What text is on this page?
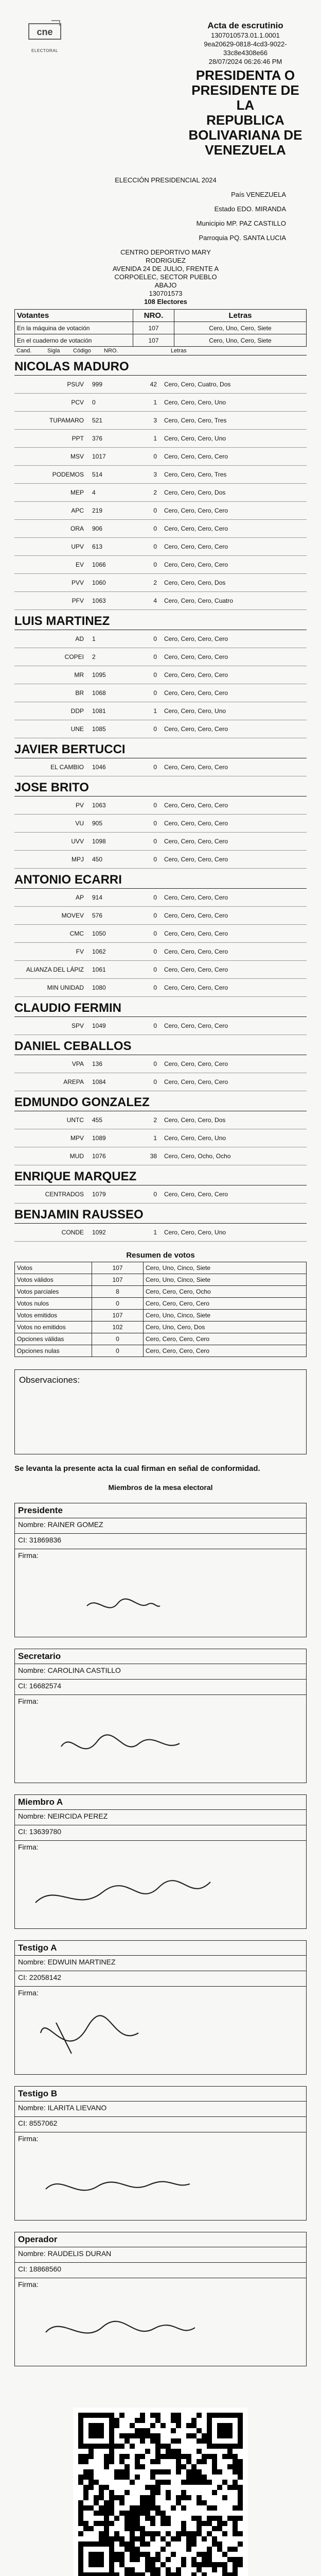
cne
ELECTORAL
Acta de escrutinio
1307010573.01.1.0001
9ea20629-0818-4cd3-9022-33c8e4308e66
28/07/2024 06:26:46 PM
PRESIDENTA O
PRESIDENTE DE LA
REPUBLICA
BOLIVARIANA DE
VENEZUELA
ELECCIÓN PRESIDENCIAL 2024
País VENEZUELA
Estado EDO. MIRANDA
Municipio MP. PAZ CASTILLO
Parroquia PQ. SANTA LUCIA
CENTRO DEPORTIVO MARY
RODRIGUEZ
AVENIDA 24 DE JULIO, FRENTE A
CORPOELEC, SECTOR PUEBLO
ABAJO
130701573
108 Electores
Votantes	NRO.	Letras
En la máquina de votación	107	Cero, Uno, Cero, Siete
En el cuaderno de votación	107	Cero, Uno, Cero, Siete
Cand.	Sigla	Código	NRO.	Letras
NICOLAS MADURO
PSUV	999	42	Cero, Cero, Cuatro, Dos
PCV	0	1	Cero, Cero, Cero, Uno
TUPAMARO	521	3	Cero, Cero, Cero, Tres
PPT	376	1	Cero, Cero, Cero, Uno
MSV	1017	0	Cero, Cero, Cero, Cero
PODEMOS	514	3	Cero, Cero, Cero, Tres
MEP	4	2	Cero, Cero, Cero, Dos
APC	219	0	Cero, Cero, Cero, Cero
ORA	906	0	Cero, Cero, Cero, Cero
UPV	613	0	Cero, Cero, Cero, Cero
EV	1066	0	Cero, Cero, Cero, Cero
PVV	1060	2	Cero, Cero, Cero, Dos
PFV	1063	4	Cero, Cero, Cero, Cuatro
LUIS MARTINEZ
AD	1	0	Cero, Cero, Cero, Cero
COPEI	2	0	Cero, Cero, Cero, Cero
MR	1095	0	Cero, Cero, Cero, Cero
BR	1068	0	Cero, Cero, Cero, Cero
DDP	1081	1	Cero, Cero, Cero, Uno
UNE	1085	0	Cero, Cero, Cero, Cero
JAVIER BERTUCCI
EL CAMBIO	1046	0	Cero, Cero, Cero, Cero
JOSE BRITO
PV	1063	0	Cero, Cero, Cero, Cero
VU	905	0	Cero, Cero, Cero, Cero
UVV	1098	0	Cero, Cero, Cero, Cero
MPJ	450	0	Cero, Cero, Cero, Cero
ANTONIO ECARRI
AP	914	0	Cero, Cero, Cero, Cero
MOVEV	576	0	Cero, Cero, Cero, Cero
CMC	1050	0	Cero, Cero, Cero, Cero
FV	1062	0	Cero, Cero, Cero, Cero
ALIANZA DEL LÁPIZ	1061	0	Cero, Cero, Cero, Cero
MIN UNIDAD	1080	0	Cero, Cero, Cero, Cero
CLAUDIO FERMIN
SPV	1049	0	Cero, Cero, Cero, Cero
DANIEL CEBALLOS
VPA	136	0	Cero, Cero, Cero, Cero
AREPA	1084	0	Cero, Cero, Cero, Cero
EDMUNDO GONZALEZ
UNTC	455	2	Cero, Cero, Cero, Dos
MPV	1089	1	Cero, Cero, Cero, Uno
MUD	1076	38	Cero, Cero, Ocho, Ocho
ENRIQUE MARQUEZ
CENTRADOS	1079	0	Cero, Cero, Cero, Cero
BENJAMIN RAUSSEO
CONDE	1092	1	Cero, Cero, Cero, Uno
Resumen de votos
Votos	107	Cero, Uno, Cinco, Siete
Votos válidos	107	Cero, Uno, Cinco, Siete
Votos parciales	8	Cero, Cero, Cero, Ocho
Votos nulos	0	Cero, Cero, Cero, Cero
Votos emitidos	107	Cero, Uno, Cinco, Siete
Votos no emitidos	102	Cero, Uno, Cero, Dos
Opciones válidas	0	Cero, Cero, Cero, Cero
Opciones nulas	0	Cero, Cero, Cero, Cero
Observaciones:
Se levanta la presente acta la cual firman en señal de conformidad.
Miembros de la mesa electoral
Presidente
Nombre: RAINER GOMEZ
CI: 31869836
Firma:
Secretario
Nombre: CAROLINA CASTILLO
CI: 16682574
Firma:
Miembro A
Nombre: NEIRCIDA PEREZ
CI: 13639780
Firma:
Testigo A
Nombre: EDWUIN MARTINEZ
CI: 22058142
Firma:
Testigo B
Nombre: ILARITA LIEVANO
CI: 8557062
Firma:
Operador
Nombre: RAUDELIS DURAN
CI: 18868560
Firma:
